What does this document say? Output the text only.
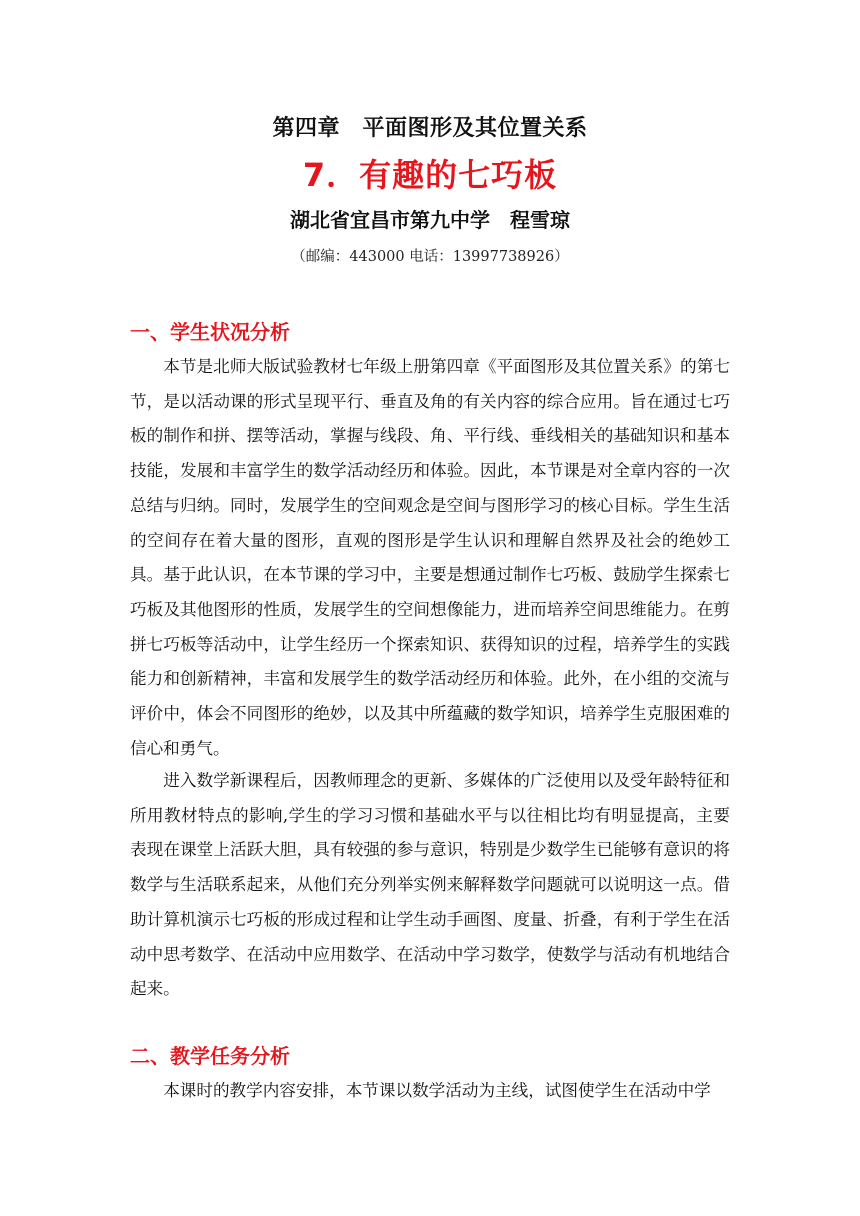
第四章　平面图形及其位置关系
7．有趣的七巧板
湖北省宜昌市第九中学　程雪琼
（邮编：443000 电话：13997738926）
一、学生状况分析

本节是北师大版试验教材七年级上册第四章《平面图形及其位置关系》的第七节，是以活动课的形式呈现平行、垂直及角的有关内容的综合应用。旨在通过七巧板的制作和拼、摆等活动，掌握与线段、角、平行线、垂线相关的基础知识和基本技能，发展和丰富学生的数学活动经历和体验。因此，本节课是对全章内容的一次总结与归纳。同时，发展学生的空间观念是空间与图形学习的核心目标。学生生活的空间存在着大量的图形，直观的图形是学生认识和理解自然界及社会的绝妙工具。基于此认识，在本节课的学习中，主要是想通过制作七巧板、鼓励学生探索七巧板及其他图形的性质，发展学生的空间想像能力，进而培养空间思维能力。在剪拼七巧板等活动中，让学生经历一个探索知识、获得知识的过程，培养学生的实践能力和创新精神，丰富和发展学生的数学活动经历和体验。此外，在小组的交流与评价中，体会不同图形的绝妙，以及其中所蕴藏的数学知识，培养学生克服困难的信心和勇气。

进入数学新课程后，因教师理念的更新、多媒体的广泛使用以及受年龄特征和所用教材特点的影响,学生的学习习惯和基础水平与以往相比均有明显提高，主要表现在课堂上活跃大胆，具有较强的参与意识，特别是少数学生已能够有意识的将数学与生活联系起来，从他们充分列举实例来解释数学问题就可以说明这一点。借助计算机演示七巧板的形成过程和让学生动手画图、度量、折叠，有利于学生在活动中思考数学、在活动中应用数学、在活动中学习数学，使数学与活动有机地结合起来。

二、教学任务分析

本课时的教学内容安排，本节课以数学活动为主线，试图使学生在活动中学
